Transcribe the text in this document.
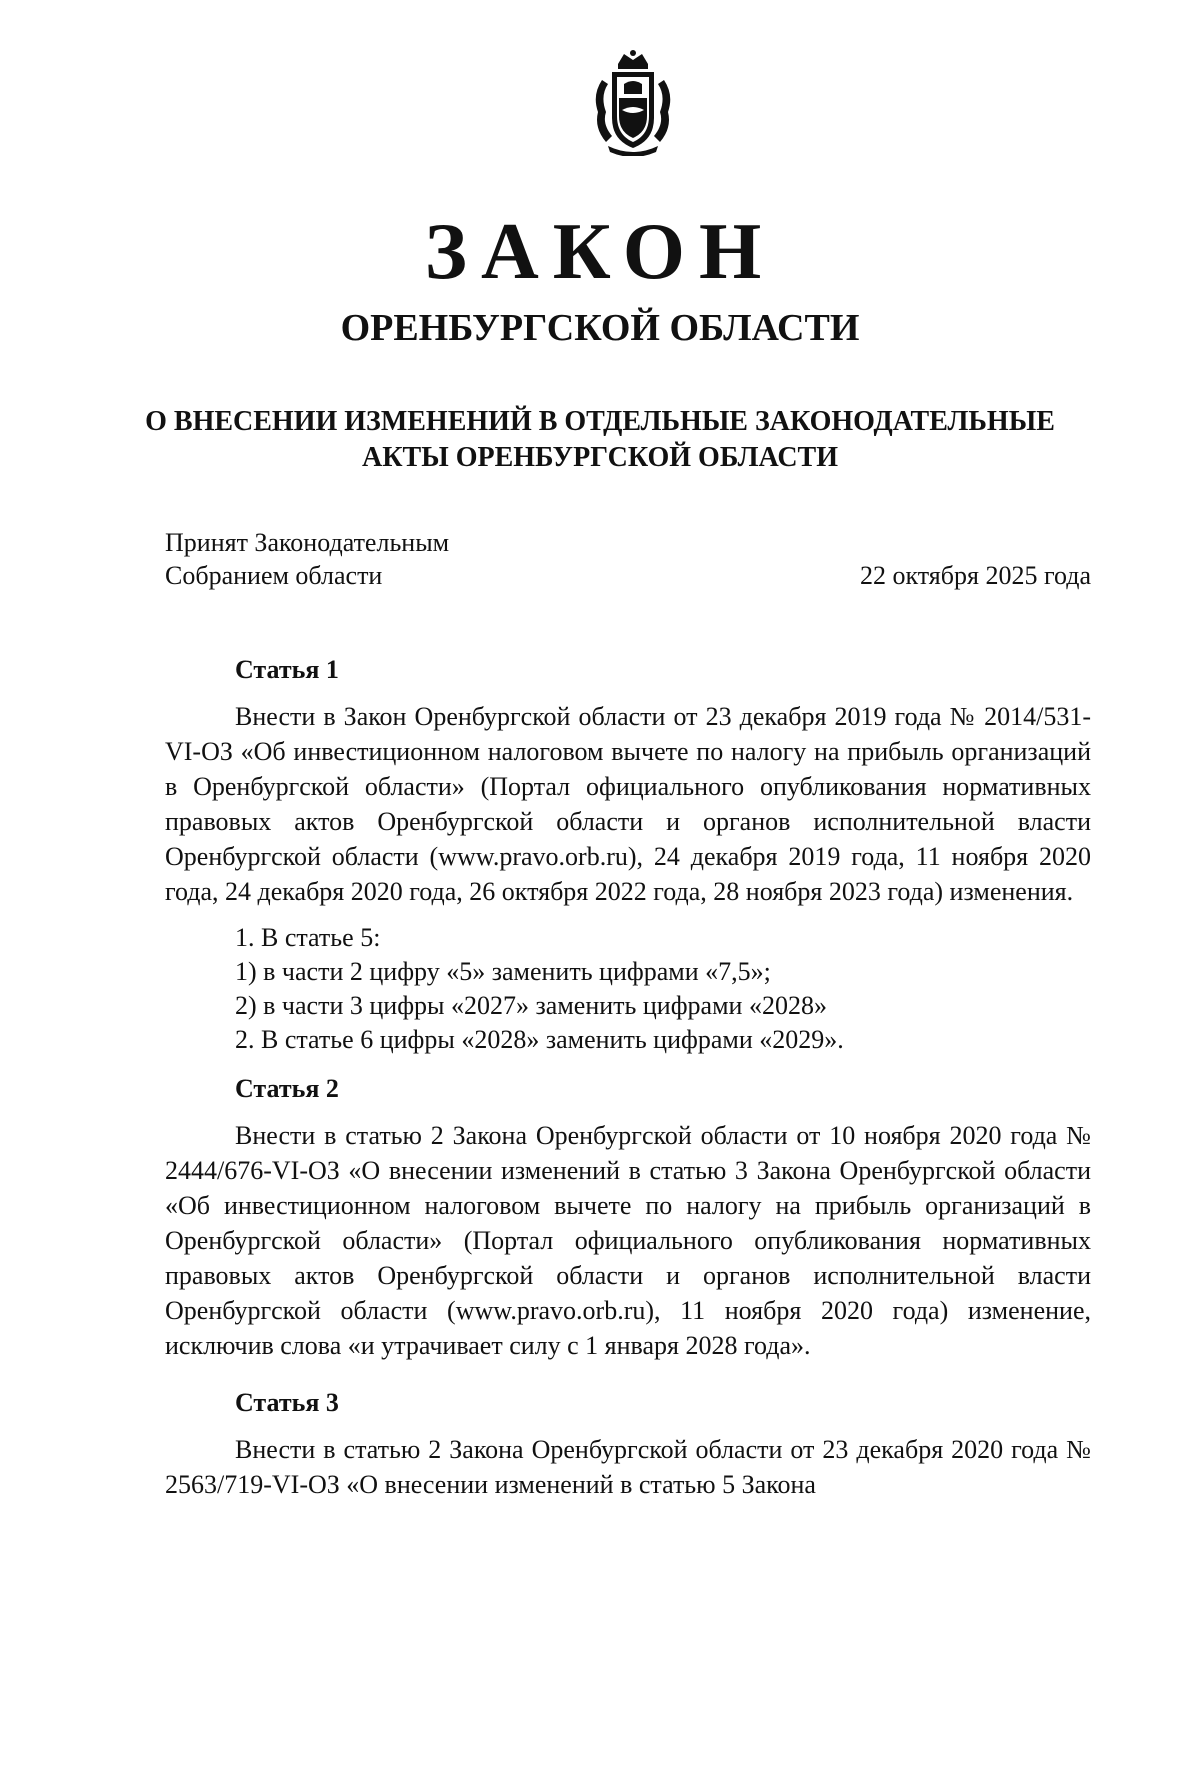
ЗАКОН
ОРЕНБУРГСКОЙ ОБЛАСТИ
О ВНЕСЕНИИ ИЗМЕНЕНИЙ В ОТДЕЛЬНЫЕ ЗАКОНОДАТЕЛЬНЫЕ
АКТЫ ОРЕНБУРГСКОЙ ОБЛАСТИ
Принят Законодательным
Собранием области	22 октября 2025 года
Статья 1

Внести в Закон Оренбургской области от 23 декабря 2019 года № 2014/531-VI-ОЗ «Об инвестиционном налоговом вычете по налогу на прибыль организаций в Оренбургской области» (Портал официального опубликования нормативных правовых актов Оренбургской области и органов исполнительной власти Оренбургской области (www.pravo.orb.ru), 24 декабря 2019 года, 11 ноября 2020 года, 24 декабря 2020 года, 26 октября 2022 года, 28 ноября 2023 года) изменения.

1. В статье 5:
1) в части 2 цифру «5» заменить цифрами «7,5»;
2) в части 3 цифры «2027» заменить цифрами «2028»
2. В статье 6 цифры «2028» заменить цифрами «2029».
Статья 2

Внести в статью 2 Закона Оренбургской области от 10 ноября 2020 года № 2444/676-VI-ОЗ «О внесении изменений в статью 3 Закона Оренбургской области «Об инвестиционном налоговом вычете по налогу на прибыль организаций в Оренбургской области» (Портал официального опубликования нормативных правовых актов Оренбургской области и органов исполнительной власти Оренбургской области (www.pravo.orb.ru), 11 ноября 2020 года) изменение, исключив слова «и утрачивает силу с 1 января 2028 года».

Статья 3

Внести в статью 2 Закона Оренбургской области от 23 декабря 2020 года № 2563/719-VI-ОЗ «О внесении изменений в статью 5 Закона
